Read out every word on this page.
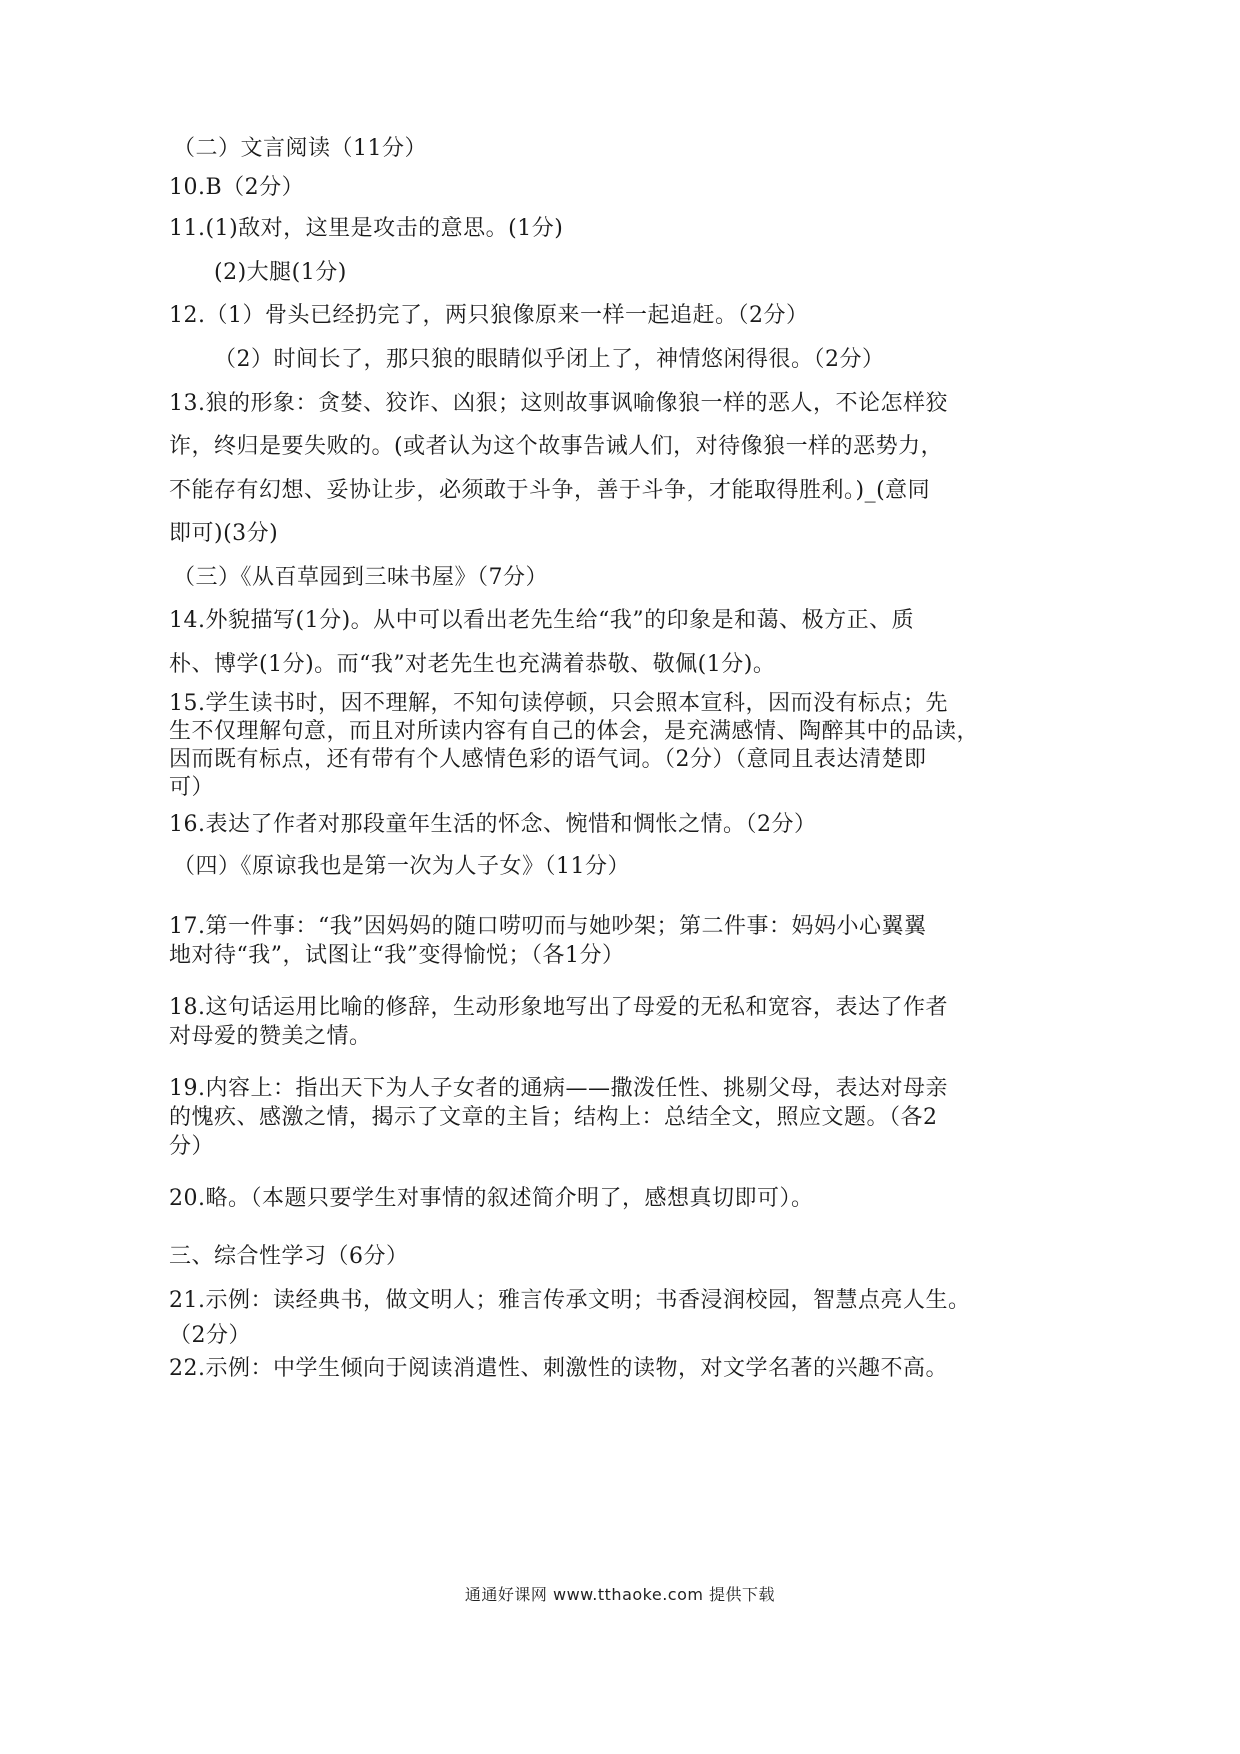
（二）文言阅读（11分）
10.B（2分）
11.(1)敌对，这里是攻击的意思。(1分)
(2)大腿(1分)
12.（1）骨头已经扔完了，两只狼像原来一样一起追赶。（2分）
（2）时间长了，那只狼的眼睛似乎闭上了，神情悠闲得很。（2分）
13.狼的形象：贪婪、狡诈、凶狠；这则故事讽喻像狼一样的恶人，不论怎样狡
诈，终归是要失败的。(或者认为这个故事告诫人们，对待像狼一样的恶势力，
不能存有幻想、妥协让步，必须敢于斗争，善于斗争，才能取得胜利。)_(意同
即可)(3分)
（三）《从百草园到三味书屋》（7分）
14.外貌描写(1分)。从中可以看出老先生给“我”的印象是和蔼、极方正、质
朴、博学(1分)。而“我”对老先生也充满着恭敬、敬佩(1分)。
15.学生读书时，因不理解，不知句读停顿，只会照本宣科，因而没有标点；先
生不仅理解句意，而且对所读内容有自己的体会，是充满感情、陶醉其中的品读，
因而既有标点，还有带有个人感情色彩的语气词。（2分）（意同且表达清楚即
可）
16.表达了作者对那段童年生活的怀念、惋惜和惆怅之情。（2分）
（四）《原谅我也是第一次为人子女》（11分）
17.第一件事：“我”因妈妈的随口唠叨而与她吵架；第二件事：妈妈小心翼翼
地对待“我”，试图让“我”变得愉悦；（各1分）
18.这句话运用比喻的修辞，生动形象地写出了母爱的无私和宽容，表达了作者
对母爱的赞美之情。
19.内容上：指出天下为人子女者的通病——撒泼任性、挑剔父母，表达对母亲
的愧疚、感激之情，揭示了文章的主旨；结构上：总结全文，照应文题。（各2
分）
20.略。（本题只要学生对事情的叙述简介明了，感想真切即可）。
三、综合性学习（6分）
21.示例：读经典书，做文明人；雅言传承文明；书香浸润校园，智慧点亮人生。
（2分）
22.示例：中学生倾向于阅读消遣性、刺激性的读物，对文学名著的兴趣不高。
通通好课网 www.tthaoke.com 提供下载
